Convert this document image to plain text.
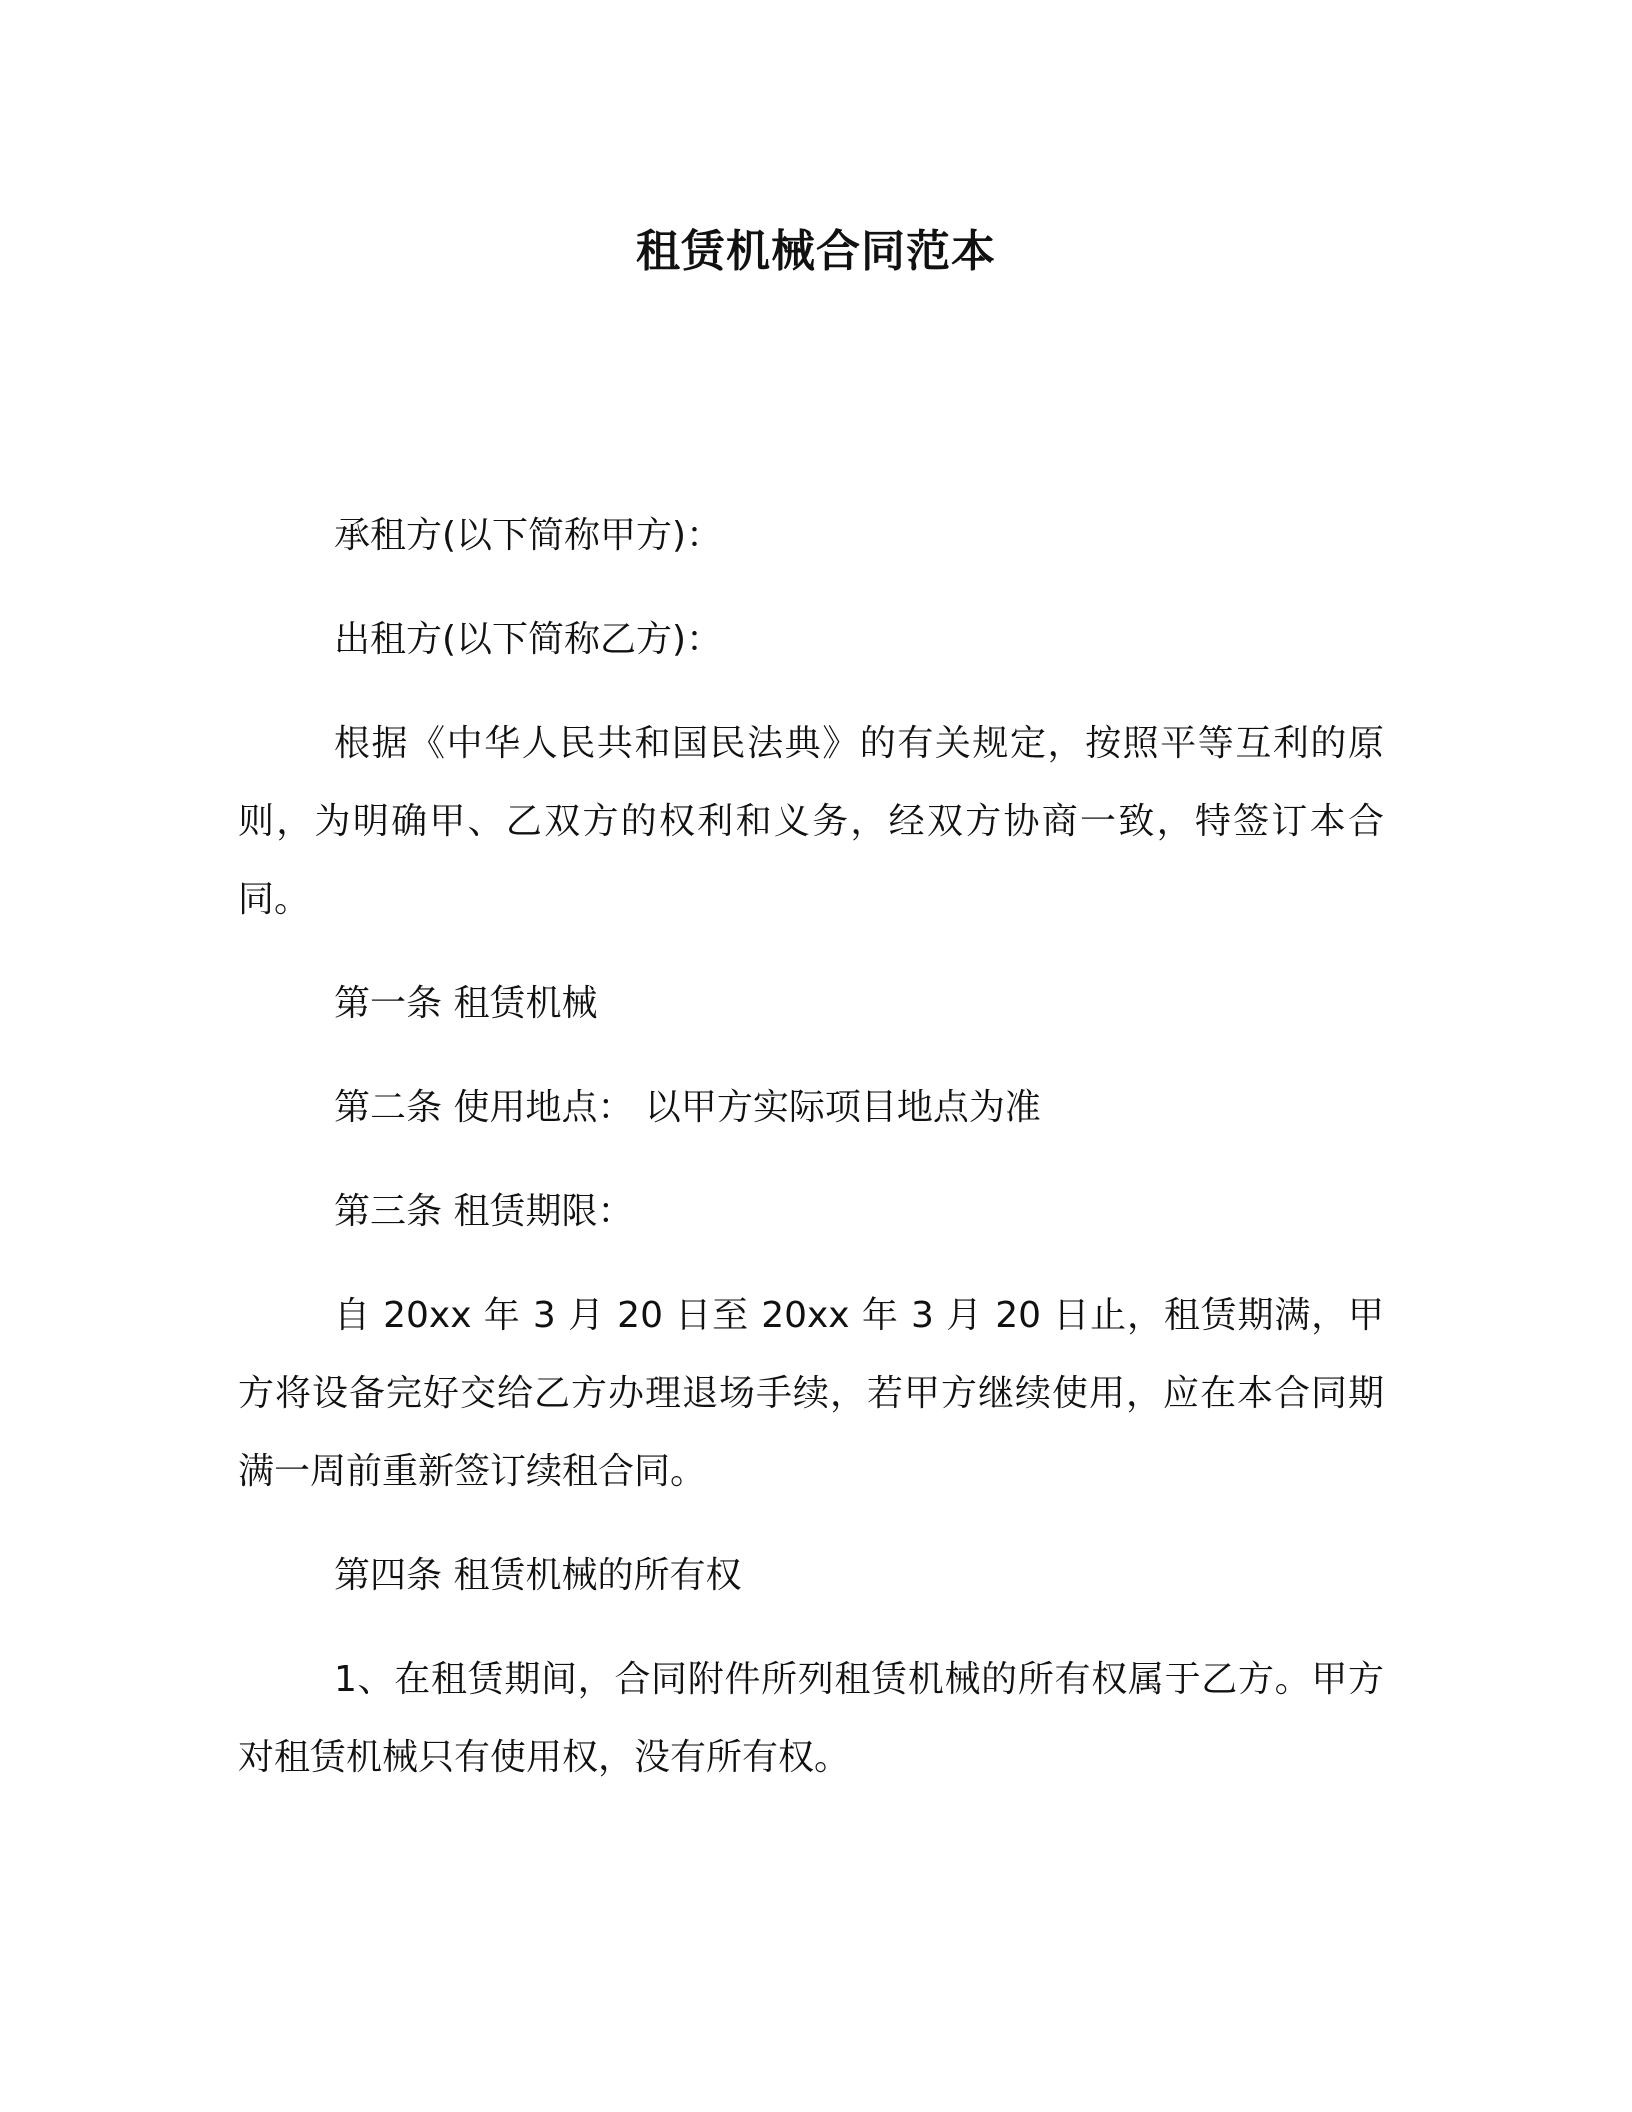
租赁机械合同范本

承租方(以下简称甲方)：

出租方(以下简称乙方)：

根据《中华人民共和国民法典》的有关规定，按照平等互利的原则，为明确甲、乙双方的权利和义务，经双方协商一致，特签订本合同。

第一条 租赁机械

第二条 使用地点： 以甲方实际项目地点为准

第三条 租赁期限：

自 20xx 年 3 月 20 日至 20xx 年 3 月 20 日止，租赁期满，甲方将设备完好交给乙方办理退场手续，若甲方继续使用，应在本合同期满一周前重新签订续租合同。

第四条 租赁机械的所有权

1、在租赁期间，合同附件所列租赁机械的所有权属于乙方。甲方对租赁机械只有使用权，没有所有权。
